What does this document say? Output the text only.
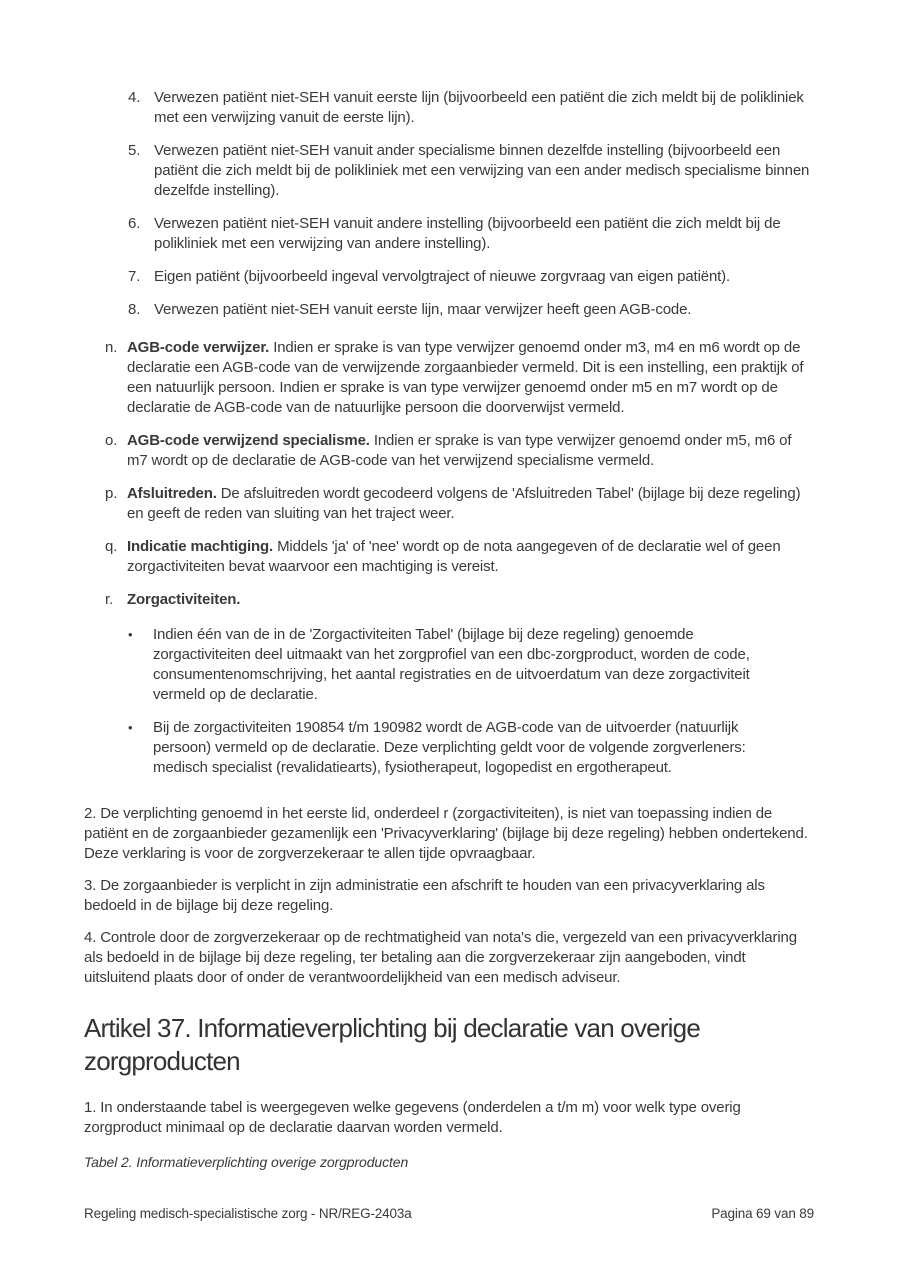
4. Verwezen patiënt niet-SEH vanuit eerste lijn (bijvoorbeeld een patiënt die zich meldt bij de polikliniek met een verwijzing vanuit de eerste lijn).
5. Verwezen patiënt niet-SEH vanuit ander specialisme binnen dezelfde instelling (bijvoorbeeld een patiënt die zich meldt bij de polikliniek met een verwijzing van een ander medisch specialisme binnen dezelfde instelling).
6. Verwezen patiënt niet-SEH vanuit andere instelling (bijvoorbeeld een patiënt die zich meldt bij de polikliniek met een verwijzing van andere instelling).
7. Eigen patiënt (bijvoorbeeld ingeval vervolgtraject of nieuwe zorgvraag van eigen patiënt).
8. Verwezen patiënt niet-SEH vanuit eerste lijn, maar verwijzer heeft geen AGB-code.
n. AGB-code verwijzer. Indien er sprake is van type verwijzer genoemd onder m3, m4 en m6 wordt op de declaratie een AGB-code van de verwijzende zorgaanbieder vermeld. Dit is een instelling, een praktijk of een natuurlijk persoon. Indien er sprake is van type verwijzer genoemd onder m5 en m7 wordt op de declaratie de AGB-code van de natuurlijke persoon die doorverwijst vermeld.
o. AGB-code verwijzend specialisme. Indien er sprake is van type verwijzer genoemd onder m5, m6 of m7 wordt op de declaratie de AGB-code van het verwijzend specialisme vermeld.
p. Afsluitreden. De afsluitreden wordt gecodeerd volgens de 'Afsluitreden Tabel' (bijlage bij deze regeling) en geeft de reden van sluiting van het traject weer.
q. Indicatie machtiging. Middels 'ja' of 'nee' wordt op de nota aangegeven of de declaratie wel of geen zorgactiviteiten bevat waarvoor een machtiging is vereist.
r. Zorgactiviteiten.
•	Indien één van de in de 'Zorgactiviteiten Tabel' (bijlage bij deze regeling) genoemde zorgactiviteiten deel uitmaakt van het zorgprofiel van een dbc-zorgproduct, worden de code, consumentenomschrijving, het aantal registraties en de uitvoerdatum van deze zorgactiviteit vermeld op de declaratie.
•	Bij de zorgactiviteiten 190854 t/m 190982 wordt de AGB-code van de uitvoerder (natuurlijk persoon) vermeld op de declaratie. Deze verplichting geldt voor de volgende zorgverleners: medisch specialist (revalidatiearts), fysiotherapeut, logopedist en ergotherapeut.

2. De verplichting genoemd in het eerste lid, onderdeel r (zorgactiviteiten), is niet van toepassing indien de patiënt en de zorgaanbieder gezamenlijk een 'Privacyverklaring' (bijlage bij deze regeling) hebben ondertekend. Deze verklaring is voor de zorgverzekeraar te allen tijde opvraagbaar.

3. De zorgaanbieder is verplicht in zijn administratie een afschrift te houden van een privacyverklaring als bedoeld in de bijlage bij deze regeling.

4. Controle door de zorgverzekeraar op de rechtmatigheid van nota's die, vergezeld van een privacyverklaring als bedoeld in de bijlage bij deze regeling, ter betaling aan die zorgverzekeraar zijn aangeboden, vindt uitsluitend plaats door of onder de verantwoordelijkheid van een medisch adviseur.

Artikel 37. Informatieverplichting bij declaratie van overige zorgproducten

1. In onderstaande tabel is weergegeven welke gegevens (onderdelen a t/m m) voor welk type overig zorgproduct minimaal op de declaratie daarvan worden vermeld.

Tabel 2. Informatieverplichting overige zorgproducten

Regeling medisch-specialistische zorg - NR/REG-2403a	Pagina 69 van 89
